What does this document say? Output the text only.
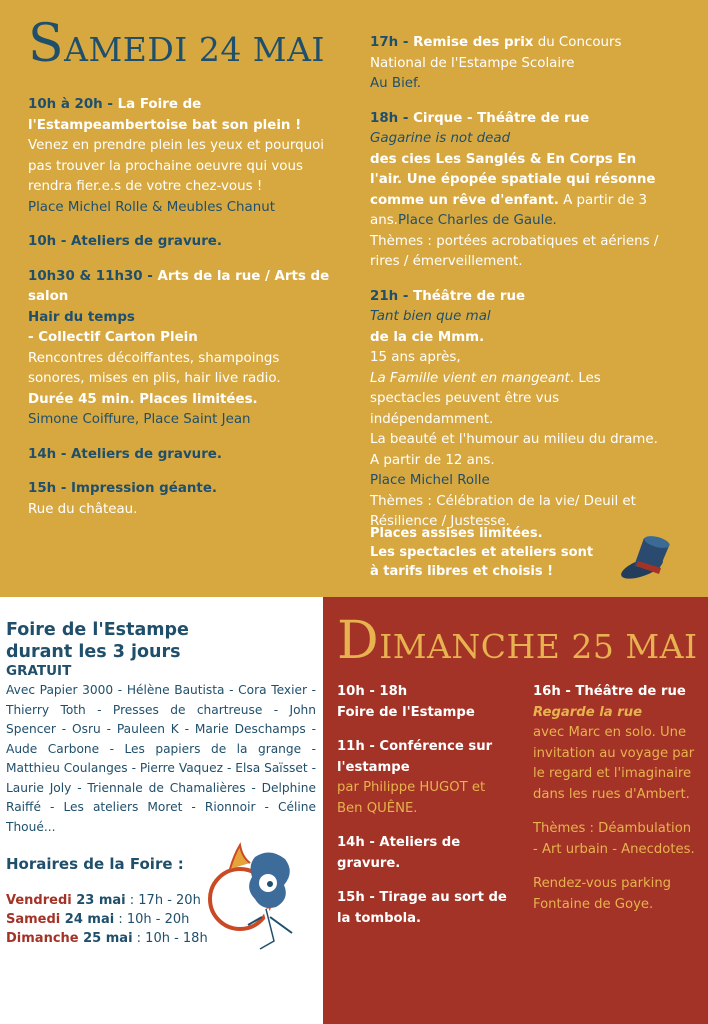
SAMEDI 24 MAI
10h à 20h - La Foire de l'Estampeambertoise bat son plein ! Venez en prendre plein les yeux et pourquoi pas trouver la prochaine oeuvre qui vous rendra fier.e.s de votre chez-vous !
Place Michel Rolle & Meubles Chanut
10h - Ateliers de gravure.
10h30 & 11h30 - Arts de la rue / Arts de salon
Hair du temps
- Collectif Carton Plein
Rencontres décoiffantes, shampoings sonores, mises en plis, hair live radio.
Durée 45 min. Places limitées.
Simone Coiffure, Place Saint Jean
14h - Ateliers de gravure.
15h - Impression géante.
Rue du château.
17h - Remise des prix du Concours National de l'Estampe Scolaire
Au Bief.
18h - Cirque - Théâtre de rue
Gagarine is not dead
des cies Les Sanglés & En Corps En l'air. Une épopée spatiale qui résonne comme un rêve d'enfant. A partir de 3 ans.Place Charles de Gaule.
Thèmes : portées acrobatiques et aériens / rires / émerveillement.
21h - Théâtre de rue
Tant bien que mal
de la cie Mmm.
15 ans après,
La Famille vient en mangeant. Les spectacles peuvent être vus indépendamment.
La beauté et l'humour au milieu du drame. A partir de 12 ans.
Place Michel Rolle
Thèmes : Célébration de la vie/ Deuil et Résilience / Justesse.
Places assises limitées.
Les spectacles et ateliers sont
à tarifs libres et choisis !
Foire de l'Estampe
durant les 3 jours
GRATUIT
Avec Papier 3000 - Hélène Bautista - Cora Texier - Thierry Toth - Presses de chartreuse - John Spencer - Osru - Pauleen K - Marie Deschamps - Aude Carbone - Les papiers de la grange - Matthieu Coulanges - Pierre Vaquez - Elsa Saïsset - Laurie Joly - Triennale de Chamalières - Delphine Raiffé - Les ateliers Moret - Rionnoir - Céline Thoué...
Horaires de la Foire :
Vendredi 23 mai : 17h - 20h
Samedi 24 mai : 10h - 20h
Dimanche 25 mai : 10h - 18h
DIMANCHE 25 MAI
10h - 18h
Foire de l'Estampe
11h - Conférence sur l'estampe
par Philippe HUGOT et Ben QUÊNE.
14h - Ateliers de gravure.
15h - Tirage au sort de la tombola.
16h - Théâtre de rue Regarde la rue
avec Marc en solo. Une invitation au voyage par le regard et l'imaginaire dans les rues d'Ambert.
Thèmes : Déambulation - Art urbain - Anecdotes.
Rendez-vous parking Fontaine de Goye.
